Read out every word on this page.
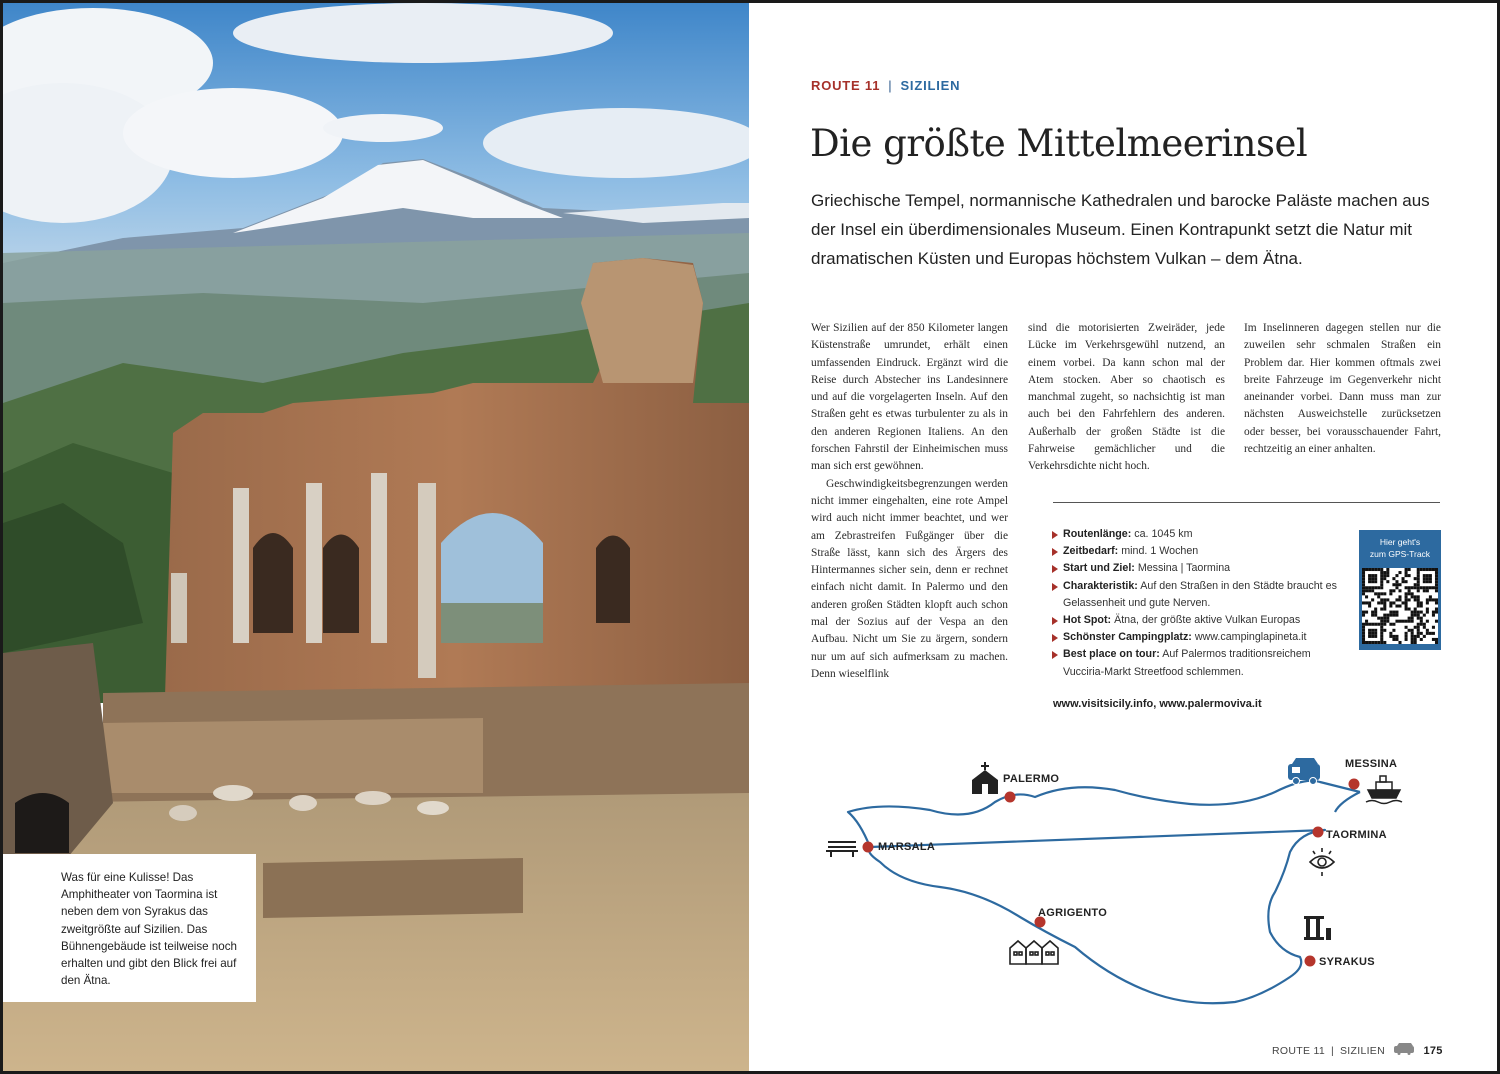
Was für eine Kulisse! Das Amphitheater von Taormina ist neben dem von Syrakus das zweitgrößte auf Sizilien. Das Bühnengebäude ist teilweise noch erhalten und gibt den Blick frei auf den Ätna.
ROUTE 11 | SIZILIEN
Die größte Mittelmeerinsel
Griechische Tempel, normannische Kathedralen und barocke Paläste machen aus der Insel ein überdimensionales Museum. Einen Kontrapunkt setzt die Natur mit dramatischen Küsten und Europas höchstem Vulkan – dem Ätna.

Wer Sizilien auf der 850 Kilometer langen Küstenstraße umrundet, erhält einen umfassenden Eindruck. Ergänzt wird die Reise durch Abstecher ins Landesinnere und auf die vorgelagerten Inseln. Auf den Straßen geht es etwas turbulenter zu als in den anderen Regionen Italiens. An den forschen Fahrstil der Einheimischen muss man sich erst gewöhnen.

Geschwindigkeitsbegrenzungen werden nicht immer eingehalten, eine rote Ampel wird auch nicht immer beachtet, und wer am Zebrastreifen Fußgänger über die Straße lässt, kann sich des Ärgers des Hintermannes sicher sein, denn er rechnet einfach nicht damit. In Palermo und den anderen großen Städten klopft auch schon mal der Sozius auf der Vespa an den Aufbau. Nicht um Sie zu ärgern, sondern nur um auf sich aufmerksam zu machen. Denn wieselflink

sind die motorisierten Zweiräder, jede Lücke im Verkehrsgewühl nutzend, an einem vorbei. Da kann schon mal der Atem stocken. Aber so chaotisch es manchmal zugeht, so nachsichtig ist man auch bei den Fahrfehlern des anderen. Außerhalb der großen Städte ist die Fahrweise gemächlicher und die Verkehrsdichte nicht hoch.

Im Inselinneren dagegen stellen nur die zuweilen sehr schmalen Straßen ein Problem dar. Hier kommen oftmals zwei breite Fahrzeuge im Gegenverkehr nicht aneinander vorbei. Dann muss man zur nächsten Ausweichstelle zurücksetzen oder besser, bei vorausschauender Fahrt, rechtzeitig an einer anhalten.

Routenlänge: ca. 1045 km
Zeitbedarf: mind. 1 Wochen
Start und Ziel: Messina | Taormina
Charakteristik: Auf den Straßen in den Städte braucht es Gelassenheit und gute Nerven.
Hot Spot: Ätna, der größte aktive Vulkan Europas
Schönster Campingplatz: www.campinglapineta.it
Best place on tour: Auf Palermos traditionsreichem Vucciria-Markt Streetfood schlemmen.
www.visitsicily.info, www.palermoviva.it
Hier geht's
zum GPS-Track
PALERMO
MESSINA
MARSALA
TAORMINA
AGRIGENTO
SYRAKUS
ROUTE 11 | SIZILIEN	175
